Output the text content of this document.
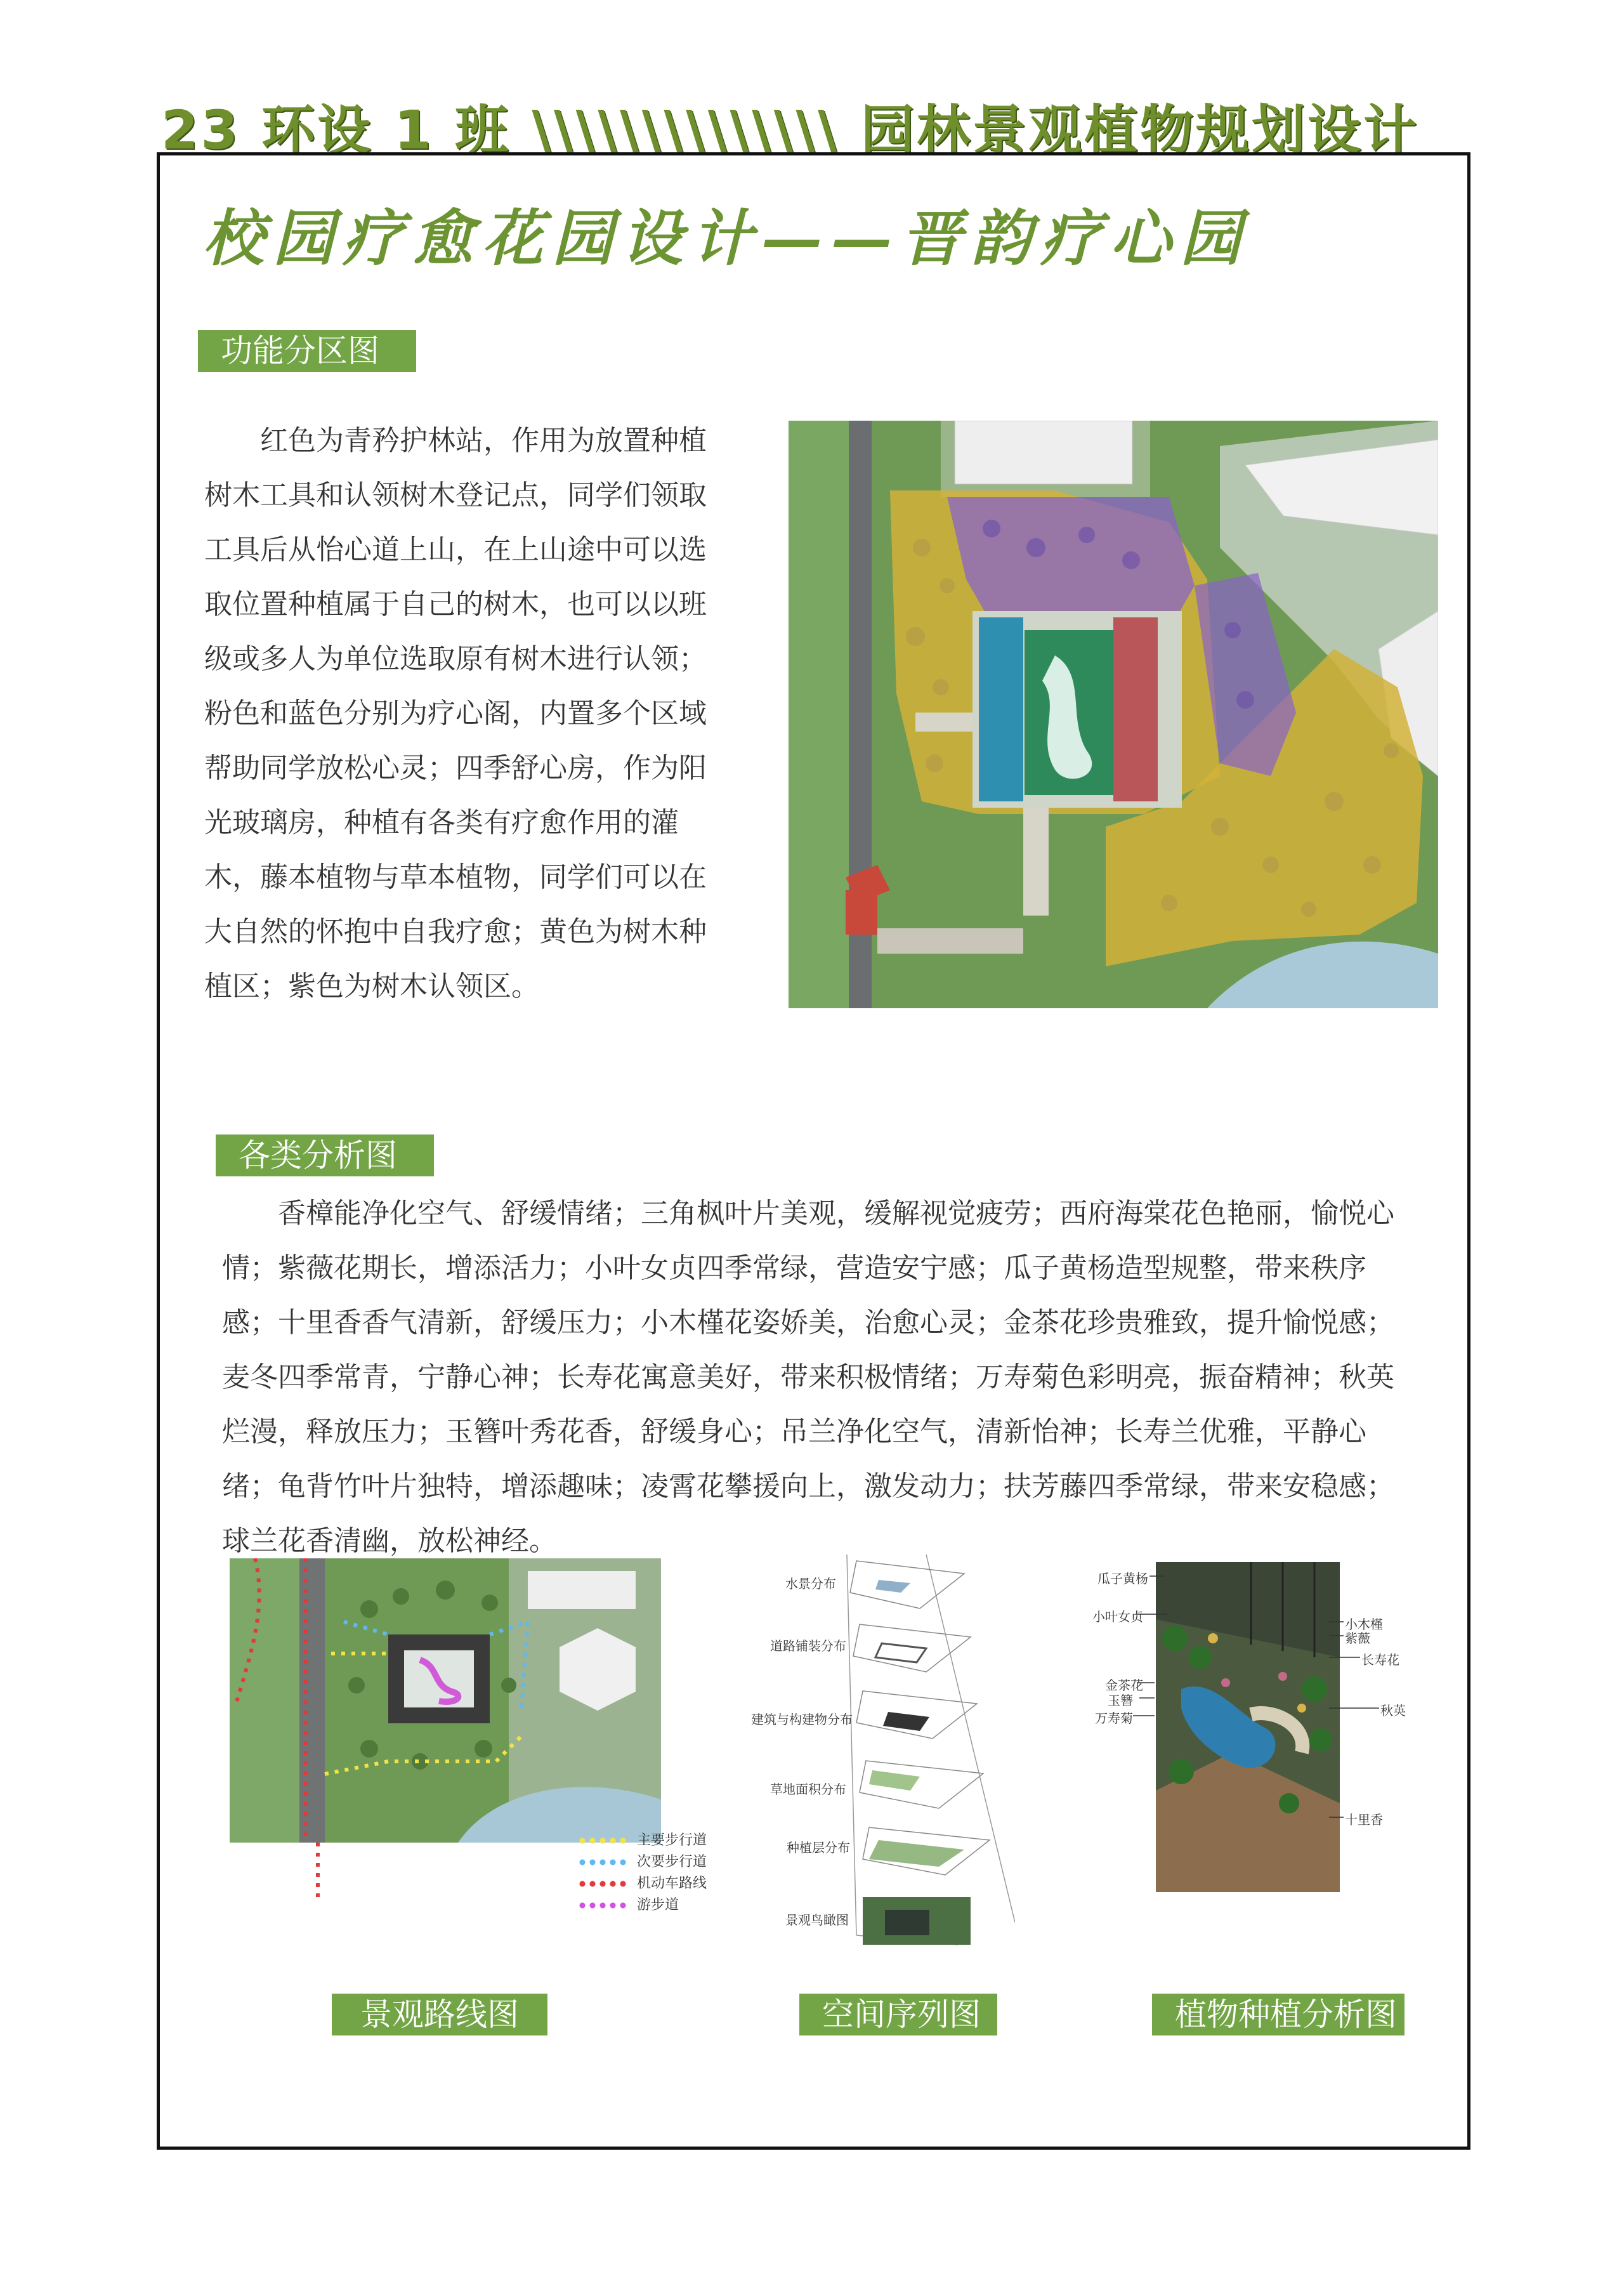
23 环设 1 班 \\\\\\\\\\\\\\ 园林景观植物规划设计
校园疗愈花园设计——晋韵疗心园
功能分区图
红色为青矜护林站，作用为放置种植树木工具和认领树木登记点，同学们领取工具后从怡心道上山，在上山途中可以选取位置种植属于自己的树木，也可以以班级或多人为单位选取原有树木进行认领；粉色和蓝色分别为疗心阁，内置多个区域帮助同学放松心灵；四季舒心房，作为阳光玻璃房，种植有各类有疗愈作用的灌木，藤本植物与草本植物，同学们可以在大自然的怀抱中自我疗愈；黄色为树木种植区；紫色为树木认领区。
各类分析图
香樟能净化空气、舒缓情绪；三角枫叶片美观，缓解视觉疲劳；西府海棠花色艳丽，愉悦心情；紫薇花期长，增添活力；小叶女贞四季常绿，营造安宁感；瓜子黄杨造型规整，带来秩序感；十里香香气清新，舒缓压力；小木槿花姿娇美，治愈心灵；金茶花珍贵雅致，提升愉悦感；麦冬四季常青，宁静心神；长寿花寓意美好，带来积极情绪；万寿菊色彩明亮，振奋精神；秋英烂漫，释放压力；玉簪叶秀花香，舒缓身心；吊兰净化空气，清新怡神；长寿兰优雅，平静心绪；龟背竹叶片独特，增添趣味；凌霄花攀援向上，激发动力；扶芳藤四季常绿，带来安稳感；球兰花香清幽，放松神经。
主要步行道
次要步行道
机动车路线
游步道
水景分布
道路铺装分布
建筑与构建物分布
草地面积分布
种植层分布
景观鸟瞰图
瓜子黄杨
小叶女贞
金茶花
玉簪
万寿菊
小木槿
紫薇
长寿花
秋英
十里香
景观路线图	空间序列图	植物种植分析图
